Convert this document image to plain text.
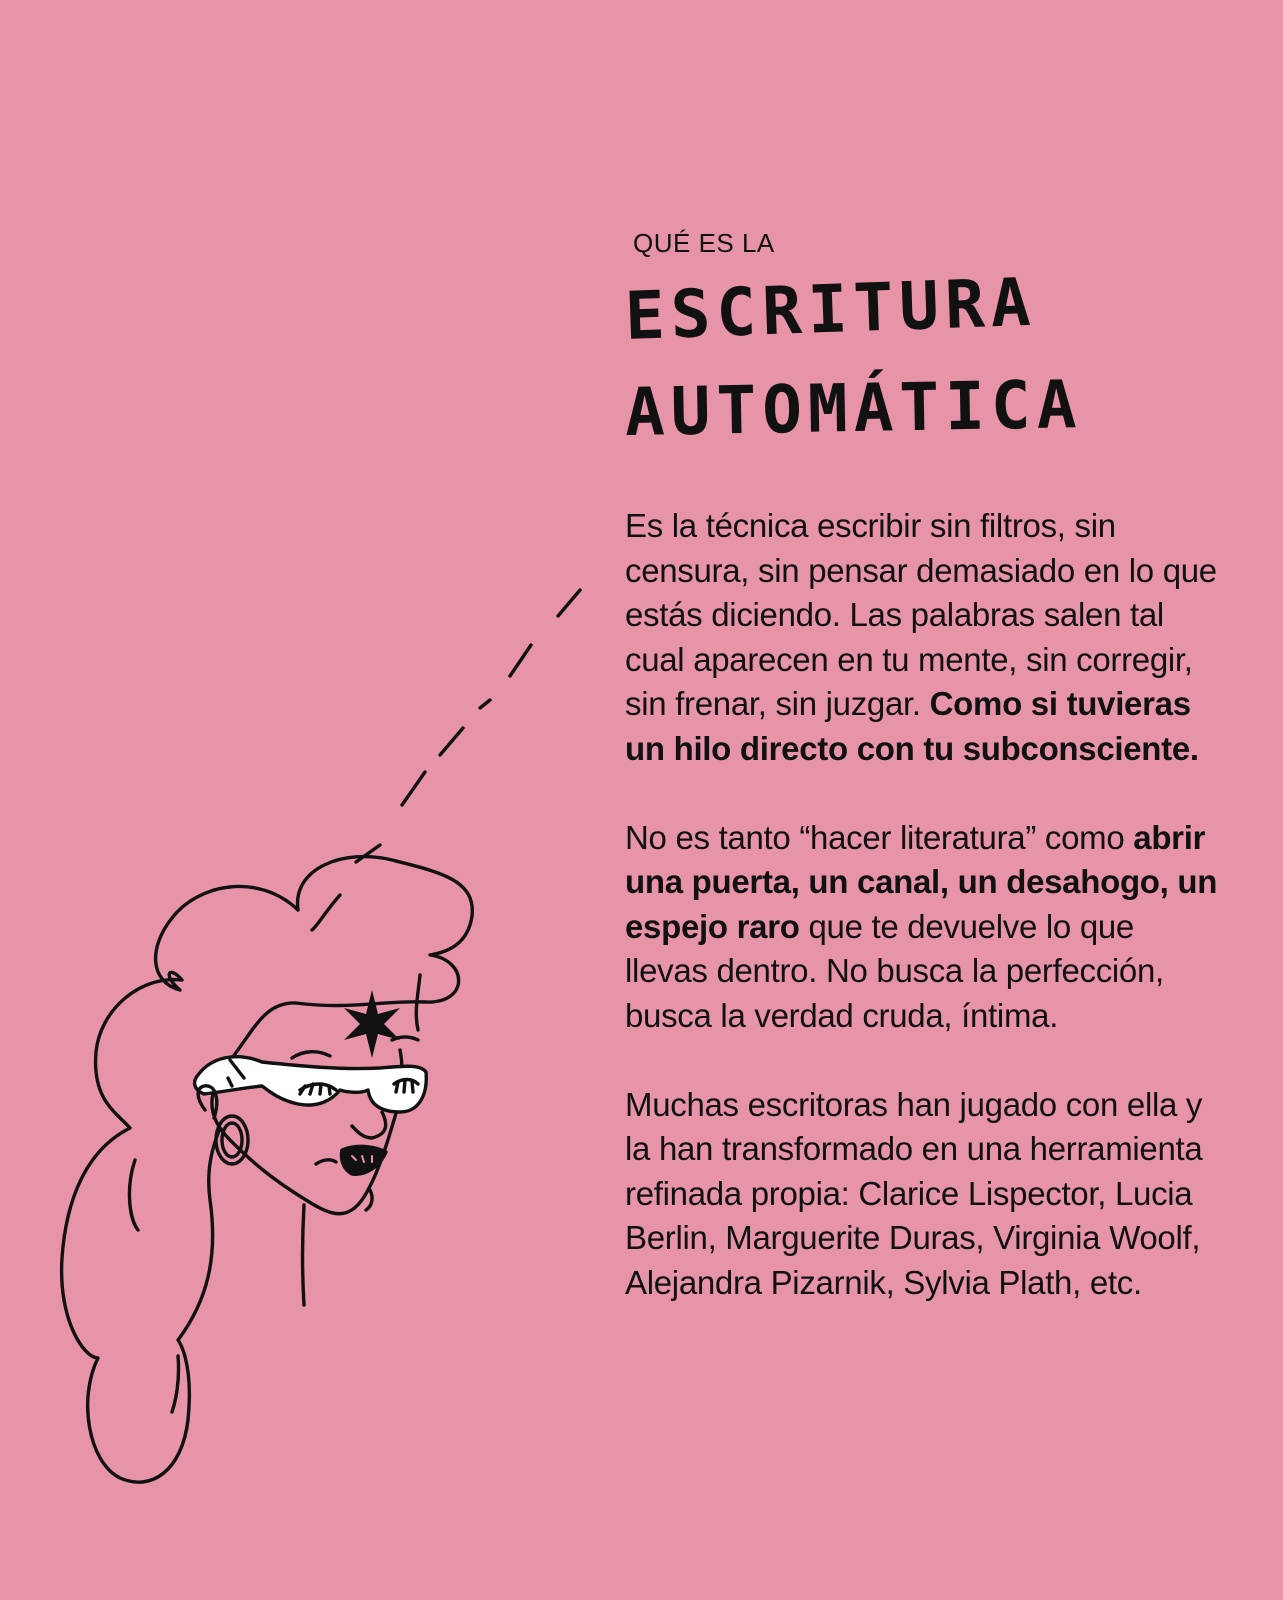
QUÉ ES LA

ESCRITURA

AUTOMÁTICA

Es la técnica escribir sin filtros, sin censura, sin pensar demasiado en lo que estás diciendo. Las palabras salen tal cual aparecen en tu mente, sin corregir, sin frenar, sin juzgar. Como si tuvieras un hilo directo con tu subconsciente.

No es tanto “hacer literatura” como abrir una puerta, un canal, un desahogo, un espejo raro que te devuelve lo que llevas dentro. No busca la perfección, busca la verdad cruda, íntima.

Muchas escritoras han jugado con ella y la han transformado en una herramienta refinada propia: Clarice Lispector, Lucia Berlin, Marguerite Duras, Virginia Woolf, Alejandra Pizarnik, Sylvia Plath, etc.
